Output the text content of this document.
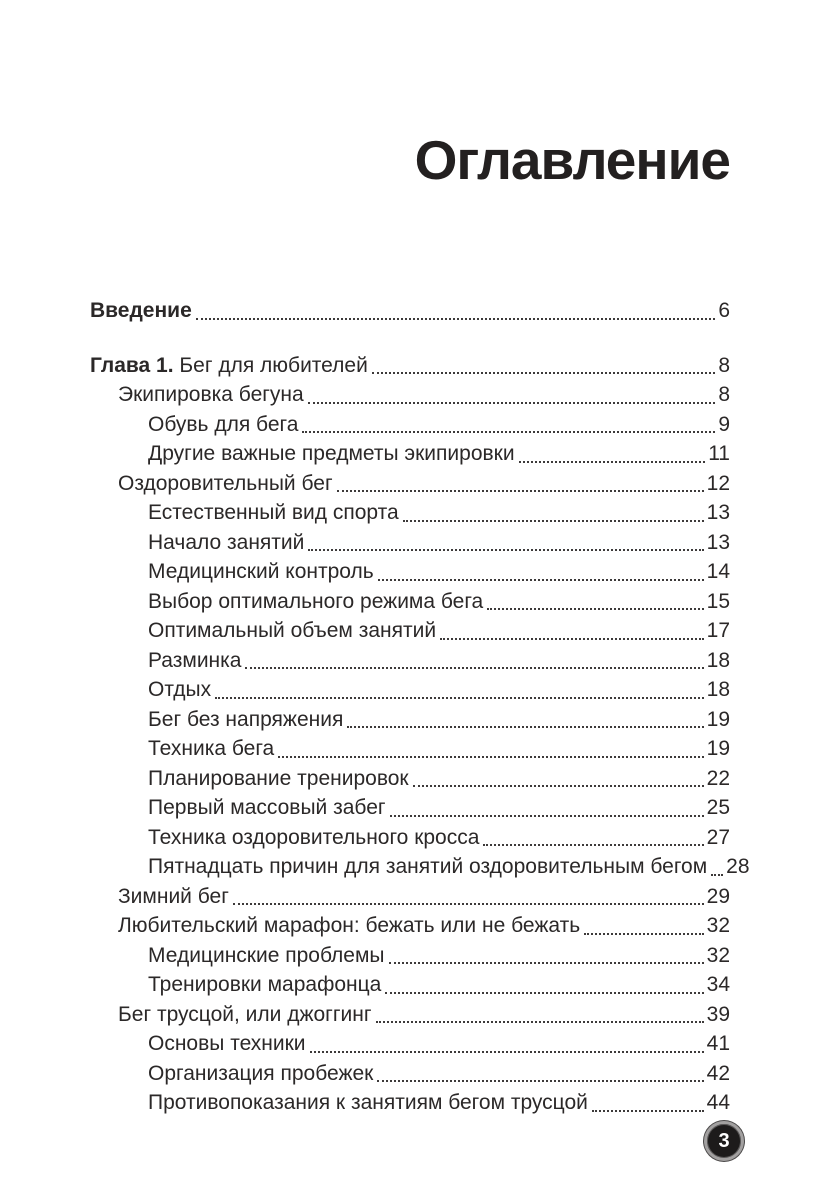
Оглавление
Введение	6
Глава 1. Бег для любителей	8
Экипировка бегуна	8
Обувь для бега	9
Другие важные предметы экипировки	11
Оздоровительный бег	12
Естественный вид спорта	13
Начало занятий	13
Медицинский контроль	14
Выбор оптимального режима бега	15
Оптимальный объем занятий	17
Разминка	18
Отдых	18
Бег без напряжения	19
Техника бега	19
Планирование тренировок	22
Первый массовый забег	25
Техника оздоровительного кросса	27
Пятнадцать причин для занятий оздоровительным бегом 28
Зимний бег	29
Любительский марафон: бежать или не бежать	32
Медицинские проблемы	32
Тренировки марафонца	34
Бег трусцой, или джоггинг	39
Основы техники	41
Организация пробежек	42
Противопоказания к занятиям бегом трусцой	44
3
